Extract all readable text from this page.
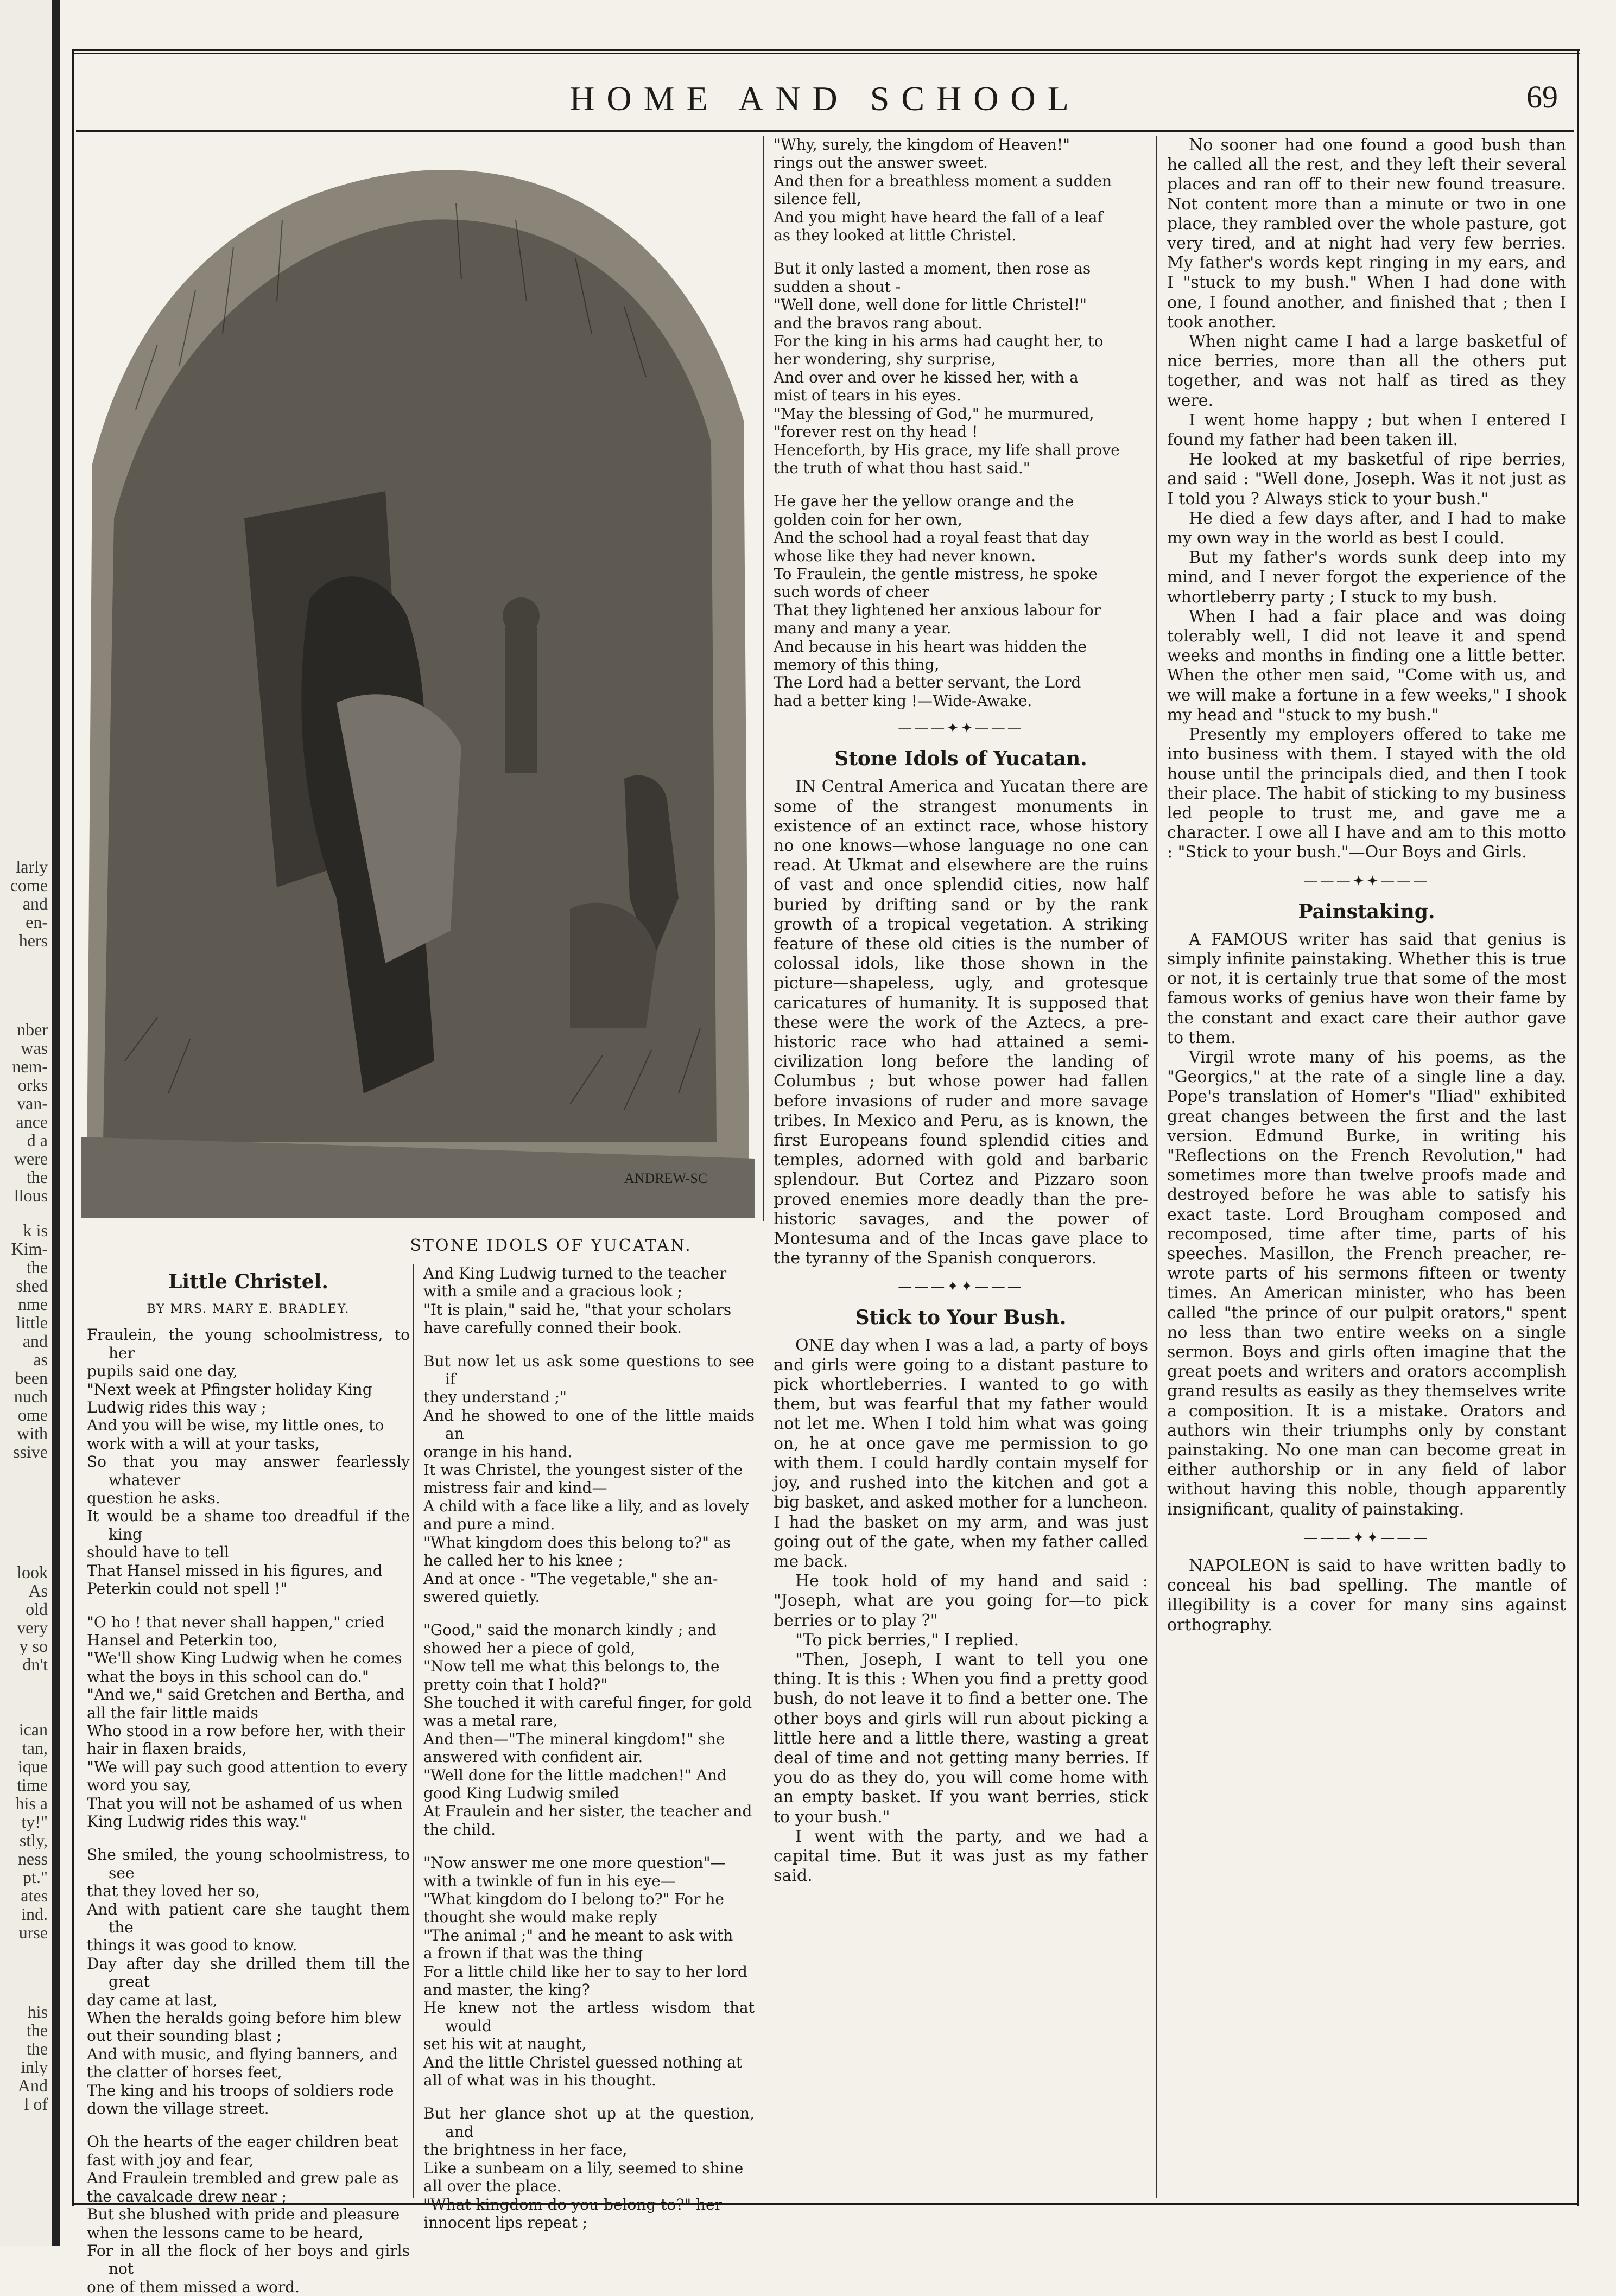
larly
come
and
en-
hers
nber
was
nem-
orks
van-
ance
d a
were
the
llous
k is
Kim-
the
shed
nme
little
and
as
been
nuch
ome
with
ssive
look
As
old
very
y so
dn't
ican
tan,
ique
time
his a
ty!"
stly,
ness
pt."
ates
ind.
urse
his
the
the
inly
And
l of
HOME AND SCHOOL	69
ANDREW-SC
STONE IDOLS OF YUCATAN.
Little Christel.
BY MRS. MARY E. BRADLEY.

Fraulein, the young schoolmistress, to her

pupils said one day,

"Next week at Pfingster holiday King

Ludwig rides this way ;

And you will be wise, my little ones, to

work with a will at your tasks,

So that you may answer fearlessly whatever

question he asks.

It would be a shame too dreadful if the king

should have to tell

That Hansel missed in his figures, and

Peterkin could not spell !"

"O ho ! that never shall happen," cried

Hansel and Peterkin too,

"We'll show King Ludwig when he comes

what the boys in this school can do."

"And we," said Gretchen and Bertha, and

all the fair little maids

Who stood in a row before her, with their

hair in flaxen braids,

"We will pay such good attention to every

word you say,

That you will not be ashamed of us when

King Ludwig rides this way."

She smiled, the young schoolmistress, to see

that they loved her so,

And with patient care she taught them the

things it was good to know.

Day after day she drilled them till the great

day came at last,

When the heralds going before him blew

out their sounding blast ;

And with music, and flying banners, and

the clatter of horses feet,

The king and his troops of soldiers rode

down the village street.

Oh the hearts of the eager children beat

fast with joy and fear,

And Fraulein trembled and grew pale as

the cavalcade drew near ;

But she blushed with pride and pleasure

when the lessons came to be heard,

For in all the flock of her boys and girls not

one of them missed a word.

And King Ludwig turned to the teacher

with a smile and a gracious look ;

"It is plain," said he, "that your scholars

have carefully conned their book.

But now let us ask some questions to see if

they understand ;"

And he showed to one of the little maids an

orange in his hand.

It was Christel, the youngest sister of the

mistress fair and kind—

A child with a face like a lily, and as lovely

and pure a mind.

"What kingdom does this belong to?" as

he called her to his knee ;

And at once - "The vegetable," she an-

swered quietly.

"Good," said the monarch kindly ; and

showed her a piece of gold,

"Now tell me what this belongs to, the

pretty coin that I hold?"

She touched it with careful finger, for gold

was a metal rare,

And then—"The mineral kingdom!" she

answered with confident air.

"Well done for the little madchen!" And

good King Ludwig smiled

At Fraulein and her sister, the teacher and

the child.

"Now answer me one more question"—

with a twinkle of fun in his eye—

"What kingdom do I belong to?" For he

thought she would make reply

"The animal ;" and he meant to ask with

a frown if that was the thing

For a little child like her to say to her lord

and master, the king?

He knew not the artless wisdom that would

set his wit at naught,

And the little Christel guessed nothing at

all of what was in his thought.

But her glance shot up at the question, and

the brightness in her face,

Like a sunbeam on a lily, seemed to shine

all over the place.

"What kingdom do you belong to?" her

innocent lips repeat ;

"Why, surely, the kingdom of Heaven!"

rings out the answer sweet.

And then for a breathless moment a sudden

silence fell,

And you might have heard the fall of a leaf

as they looked at little Christel.

But it only lasted a moment, then rose as

sudden a shout -

"Well done, well done for little Christel!"

and the bravos rang about.

For the king in his arms had caught her, to

her wondering, shy surprise,

And over and over he kissed her, with a

mist of tears in his eyes.

"May the blessing of God," he murmured,

"forever rest on thy head !

Henceforth, by His grace, my life shall prove

the truth of what thou hast said."

He gave her the yellow orange and the

golden coin for her own,

And the school had a royal feast that day

whose like they had never known.

To Fraulein, the gentle mistress, he spoke

such words of cheer

That they lightened her anxious labour for

many and many a year.

And because in his heart was hidden the

memory of this thing,

The Lord had a better servant, the Lord

had a better king !—Wide-Awake.

———✦✦———
Stone Idols of Yucatan.

IN Central America and Yucatan there are some of the strangest monuments in existence of an extinct race, whose history no one knows—whose language no one can read. At Ukmat and elsewhere are the ruins of vast and once splendid cities, now half buried by drifting sand or by the rank growth of a tropical vegetation. A striking feature of these old cities is the number of colossal idols, like those shown in the picture—shapeless, ugly, and grotesque caricatures of humanity. It is supposed that these were the work of the Aztecs, a pre-historic race who had attained a semi-civilization long before the landing of Columbus ; but whose power had fallen before invasions of ruder and more savage tribes. In Mexico and Peru, as is known, the first Europeans found splendid cities and temples, adorned with gold and barbaric splendour. But Cortez and Pizzaro soon proved enemies more deadly than the pre-historic savages, and the power of Montesuma and of the Incas gave place to the tyranny of the Spanish conquerors.

———✦✦———
Stick to Your Bush.

ONE day when I was a lad, a party of boys and girls were going to a distant pasture to pick whortleberries. I wanted to go with them, but was fearful that my father would not let me. When I told him what was going on, he at once gave me permission to go with them. I could hardly contain myself for joy, and rushed into the kitchen and got a big basket, and asked mother for a luncheon. I had the basket on my arm, and was just going out of the gate, when my father called me back.

He took hold of my hand and said : "Joseph, what are you going for—to pick berries or to play ?"

"To pick berries," I replied.

"Then, Joseph, I want to tell you one thing. It is this : When you find a pretty good bush, do not leave it to find a better one. The other boys and girls will run about picking a little here and a little there, wasting a great deal of time and not getting many berries. If you do as they do, you will come home with an empty basket. If you want berries, stick to your bush."

I went with the party, and we had a capital time. But it was just as my father said.

No sooner had one found a good bush than he called all the rest, and they left their several places and ran off to their new found treasure. Not content more than a minute or two in one place, they rambled over the whole pasture, got very tired, and at night had very few berries. My father's words kept ringing in my ears, and I "stuck to my bush." When I had done with one, I found another, and finished that ; then I took another.

When night came I had a large basketful of nice berries, more than all the others put together, and was not half as tired as they were.

I went home happy ; but when I entered I found my father had been taken ill.

He looked at my basketful of ripe berries, and said : "Well done, Joseph. Was it not just as I told you ? Always stick to your bush."

He died a few days after, and I had to make my own way in the world as best I could.

But my father's words sunk deep into my mind, and I never forgot the experience of the whortleberry party ; I stuck to my bush.

When I had a fair place and was doing tolerably well, I did not leave it and spend weeks and months in finding one a little better. When the other men said, "Come with us, and we will make a fortune in a few weeks," I shook my head and "stuck to my bush."

Presently my employers offered to take me into business with them. I stayed with the old house until the principals died, and then I took their place. The habit of sticking to my business led people to trust me, and gave me a character. I owe all I have and am to this motto : "Stick to your bush."—Our Boys and Girls.

———✦✦———
Painstaking.

A FAMOUS writer has said that genius is simply infinite painstaking. Whether this is true or not, it is certainly true that some of the most famous works of genius have won their fame by the constant and exact care their author gave to them.

Virgil wrote many of his poems, as the "Georgics," at the rate of a single line a day. Pope's translation of Homer's "Iliad" exhibited great changes between the first and the last version. Edmund Burke, in writing his "Reflections on the French Revolution," had sometimes more than twelve proofs made and destroyed before he was able to satisfy his exact taste. Lord Brougham composed and recomposed, time after time, parts of his speeches. Masillon, the French preacher, re-wrote parts of his sermons fifteen or twenty times. An American minister, who has been called "the prince of our pulpit orators," spent no less than two entire weeks on a single sermon. Boys and girls often imagine that the great poets and writers and orators accomplish grand results as easily as they themselves write a composition. It is a mistake. Orators and authors win their triumphs only by constant painstaking. No one man can become great in either authorship or in any field of labor without having this noble, though apparently insignificant, quality of painstaking.

———✦✦———

NAPOLEON is said to have written badly to conceal his bad spelling. The mantle of illegibility is a cover for many sins against orthography.
